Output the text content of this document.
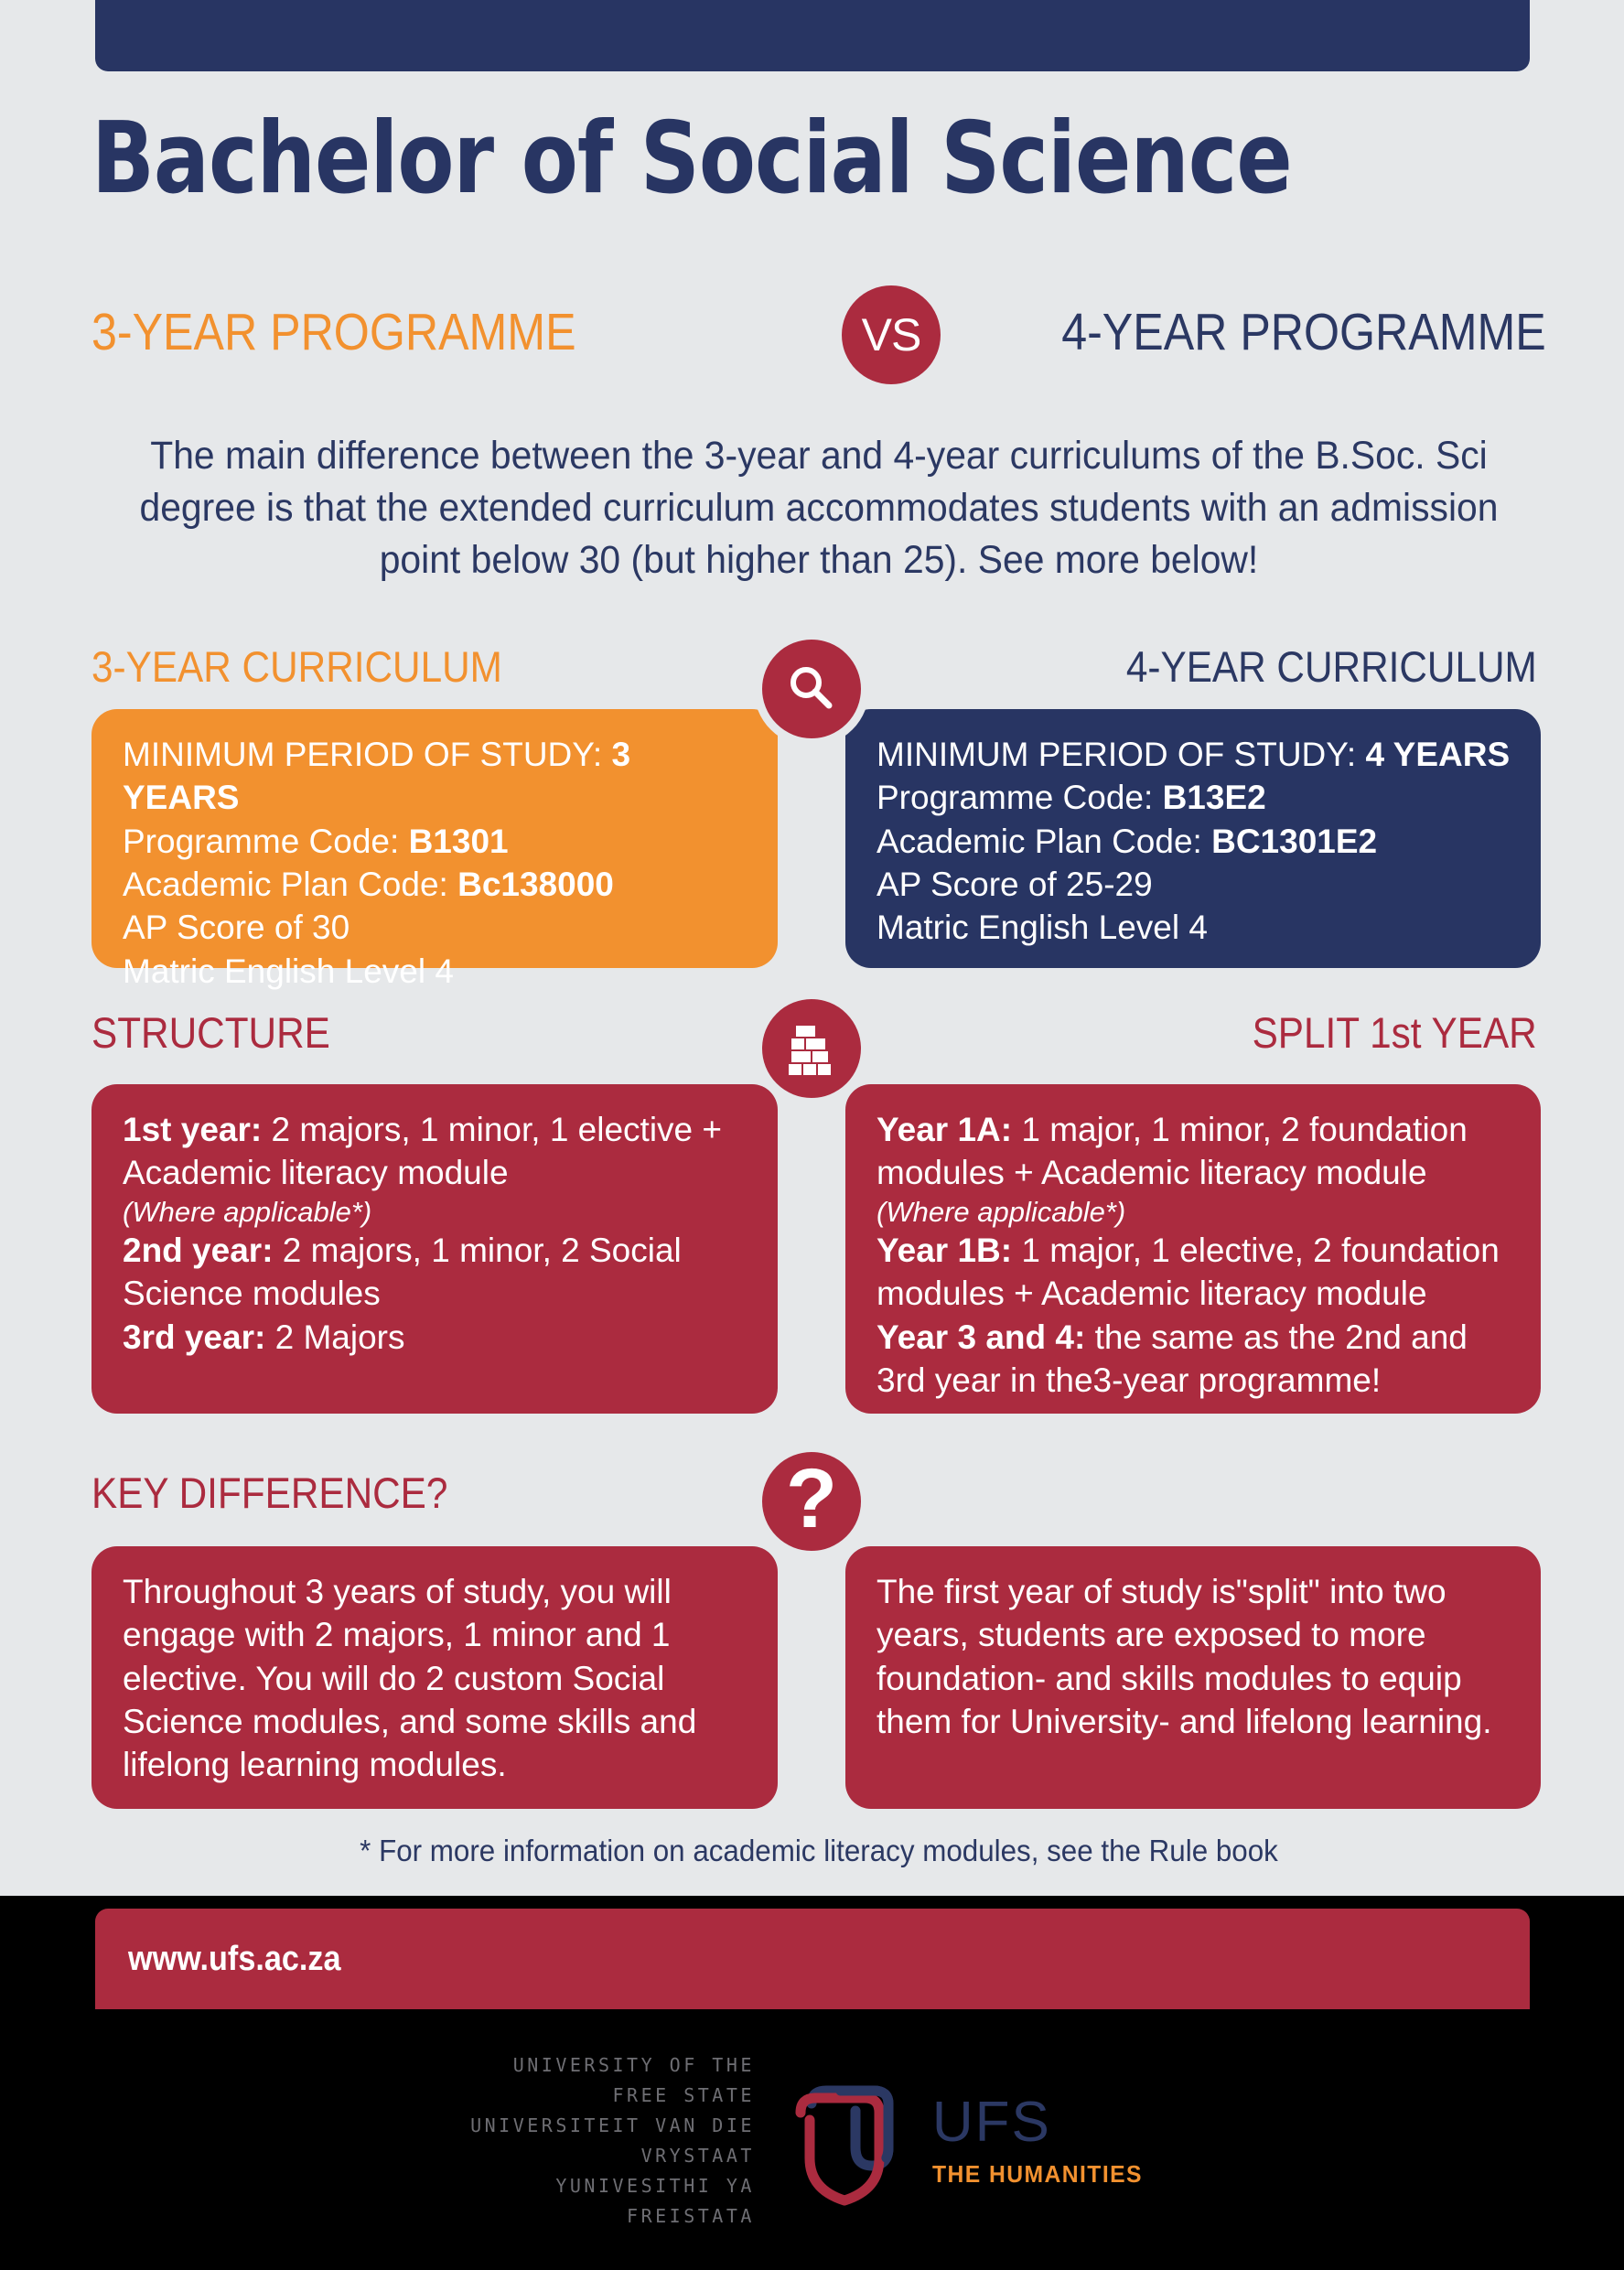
Bachelor of Social Science
3-YEAR PROGRAMME	VS	4-YEAR PROGRAMME
The main difference between the 3-year and 4-year curriculums of the B.Soc. Sci degree is that the extended curriculum accommodates students with an admission point below 30 (but higher than 25). See more below!
3-YEAR CURRICULUM	4-YEAR CURRICULUM

MINIMUM PERIOD OF STUDY: 3 YEARS

Programme Code: B1301

Academic Plan Code: Bc138000

AP Score of 30

Matric English Level 4

MINIMUM PERIOD OF STUDY: 4 YEARS

Programme Code: B13E2

Academic Plan Code: BC1301E2

AP Score of 25-29

Matric English Level 4

STRUCTURE	SPLIT 1st YEAR

1st year: 2 majors, 1 minor, 1 elective + Academic literacy module

(Where applicable*)

2nd year: 2 majors, 1 minor, 2 Social Science modules

3rd year: 2 Majors

Year 1A: 1 major, 1 minor, 2 foundation modules + Academic literacy module

(Where applicable*)

Year 1B: 1 major, 1 elective, 2 foundation modules + Academic literacy module

Year 3 and 4: the same as the 2nd and 3rd year in the3-year programme!

KEY DIFFERENCE?	?

Throughout 3 years of study, you will engage with 2 majors, 1 minor and 1 elective. You will do 2 custom Social Science modules, and some skills and lifelong learning modules.

The first year of study is"split" into two years, students are exposed to more foundation- and skills modules to equip them for University- and lifelong learning.

* For more information on academic literacy modules, see the Rule book
www.ufs.ac.za
UNIVERSITY OF THE
FREE STATE
UNIVERSITEIT VAN DIE
VRYSTAAT
YUNIVESITHI YA
FREISTATA
UFS
THE HUMANITIES
